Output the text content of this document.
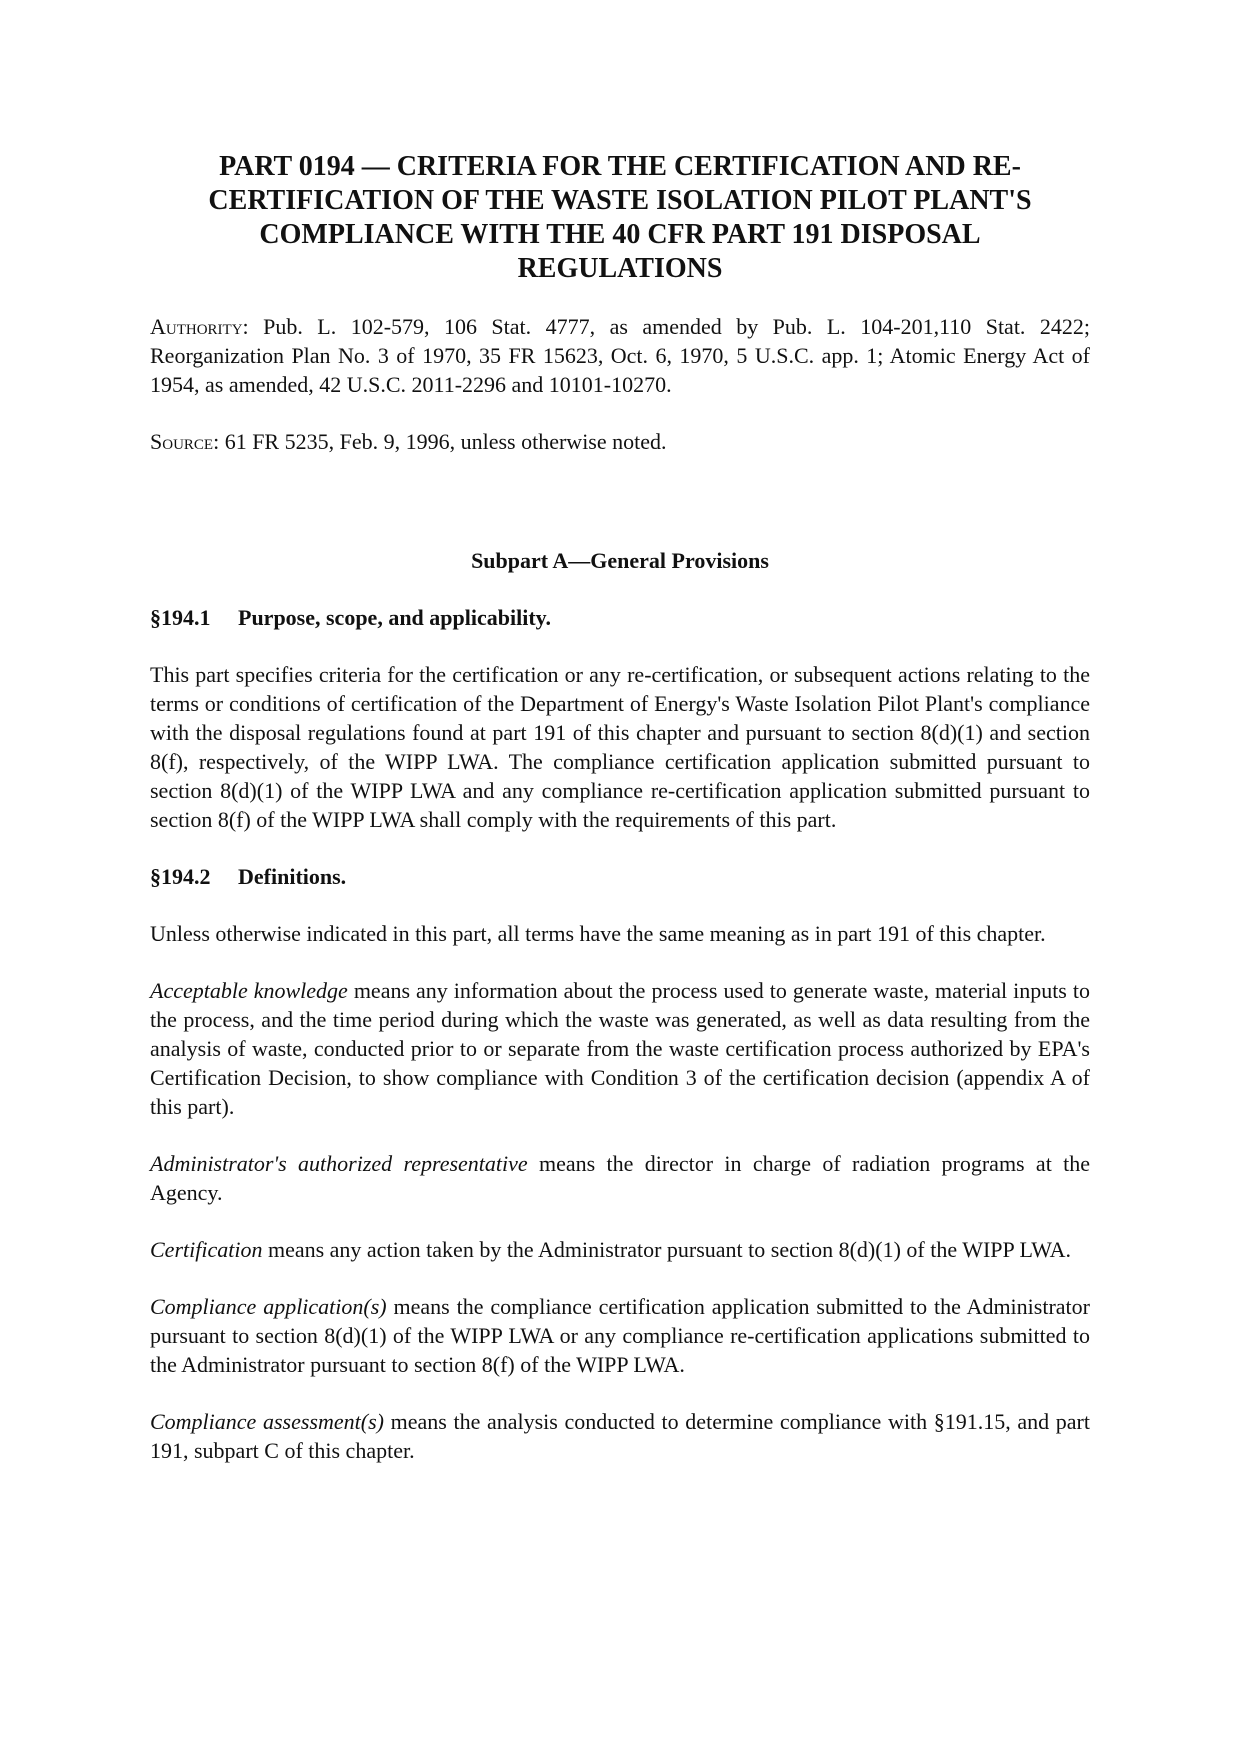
PART 0194 — CRITERIA FOR THE CERTIFICATION AND RE-CERTIFICATION OF THE WASTE ISOLATION PILOT PLANT'S COMPLIANCE WITH THE 40 CFR PART 191 DISPOSAL REGULATIONS

Authority: Pub. L. 102-579, 106 Stat. 4777, as amended by Pub. L. 104-201,110 Stat. 2422; Reorganization Plan No. 3 of 1970, 35 FR 15623, Oct. 6, 1970, 5 U.S.C. app. 1; Atomic Energy Act of 1954, as amended, 42 U.S.C. 2011-2296 and 10101-10270.

Source: 61 FR 5235, Feb. 9, 1996, unless otherwise noted.

Subpart A—General Provisions
§194.1 Purpose, scope, and applicability.

This part specifies criteria for the certification or any re-certification, or subsequent actions relating to the terms or conditions of certification of the Department of Energy's Waste Isolation Pilot Plant's compliance with the disposal regulations found at part 191 of this chapter and pursuant to section 8(d)(1) and section 8(f), respectively, of the WIPP LWA. The compliance certification application submitted pursuant to section 8(d)(1) of the WIPP LWA and any compliance re-certification application submitted pursuant to section 8(f) of the WIPP LWA shall comply with the requirements of this part.

§194.2 Definitions.

Unless otherwise indicated in this part, all terms have the same meaning as in part 191 of this chapter.

Acceptable knowledge means any information about the process used to generate waste, material inputs to the process, and the time period during which the waste was generated, as well as data resulting from the analysis of waste, conducted prior to or separate from the waste certification process authorized by EPA's Certification Decision, to show compliance with Condition 3 of the certification decision (appendix A of this part).

Administrator's authorized representative means the director in charge of radiation programs at the Agency.

Certification means any action taken by the Administrator pursuant to section 8(d)(1) of the WIPP LWA.

Compliance application(s) means the compliance certification application submitted to the Administrator pursuant to section 8(d)(1) of the WIPP LWA or any compliance re-certification applications submitted to the Administrator pursuant to section 8(f) of the WIPP LWA.

Compliance assessment(s) means the analysis conducted to determine compliance with §191.15, and part 191, subpart C of this chapter.
